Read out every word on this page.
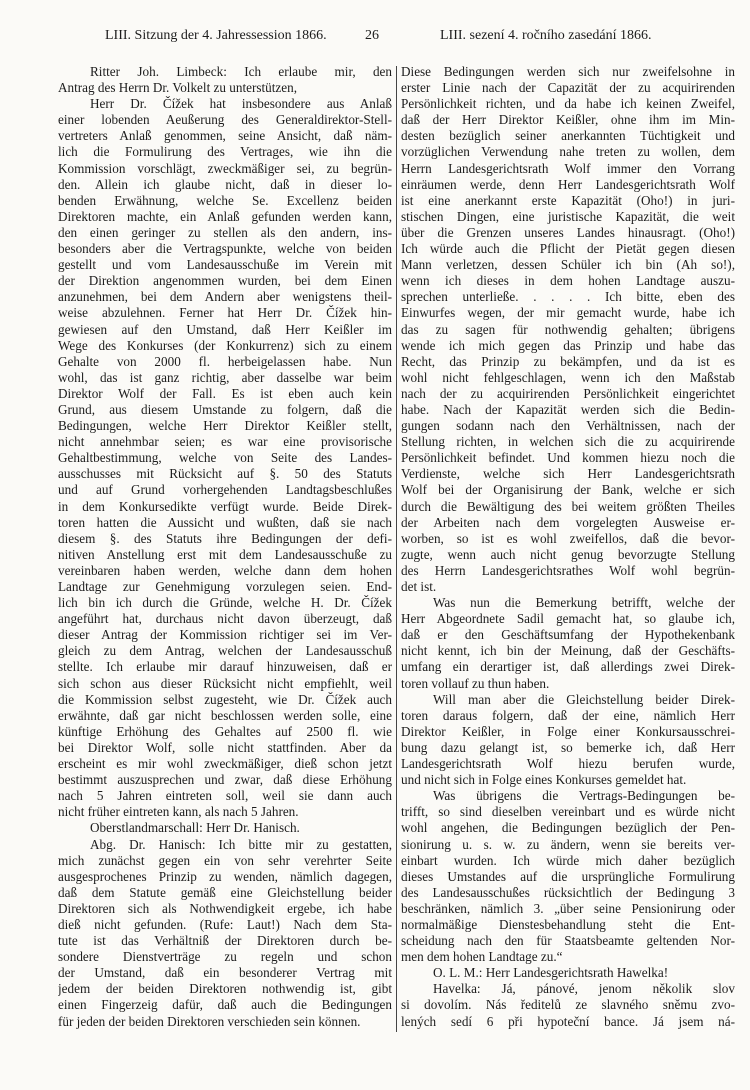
LIII. Sitzung der 4. Jahressession 1866.	26	LIII. sezení 4. ročního zasedání 1866.
Ritter Joh. Limbeck: Ich erlaube mir, den
Antrag des Herrn Dr. Volkelt zu unterstützen,
Herr Dr. Čížek hat insbesondere aus Anlaß
einer lobenden Aeußerung des Generaldirektor-Stell-
vertreters Anlaß genommen, seine Ansicht, daß näm-
lich die Formulirung des Vertrages, wie ihn die
Kommission vorschlägt, zweckmäßiger sei, zu begrün-
den. Allein ich glaube nicht, daß in dieser lo-
benden Erwähnung, welche Se. Excellenz beiden
Direktoren machte, ein Anlaß gefunden werden kann,
den einen geringer zu stellen als den andern, ins-
besonders aber die Vertragspunkte, welche von beiden
gestellt und vom Landesausschuße im Verein mit
der Direktion angenommen wurden, bei dem Einen
anzunehmen, bei dem Andern aber wenigstens theil-
weise abzulehnen. Ferner hat Herr Dr. Čížek hin-
gewiesen auf den Umstand, daß Herr Keißler im
Wege des Konkurses (der Konkurrenz) sich zu einem
Gehalte von 2000 fl. herbeigelassen habe. Nun
wohl, das ist ganz richtig, aber dasselbe war beim
Direktor Wolf der Fall. Es ist eben auch kein
Grund, aus diesem Umstande zu folgern, daß die
Bedingungen, welche Herr Direktor Keißler stellt,
nicht annehmbar seien; es war eine provisorische
Gehaltbestimmung, welche von Seite des Landes-
ausschusses mit Rücksicht auf §. 50 des Statuts
und auf Grund vorhergehenden Landtagsbeschlußes
in dem Konkursedikte verfügt wurde. Beide Direk-
toren hatten die Aussicht und wußten, daß sie nach
diesem §. des Statuts ihre Bedingungen der defi-
nitiven Anstellung erst mit dem Landesausschuße zu
vereinbaren haben werden, welche dann dem hohen
Landtage zur Genehmigung vorzulegen seien. End-
lich bin ich durch die Gründe, welche H. Dr. Čížek
angeführt hat, durchaus nicht davon überzeugt, daß
dieser Antrag der Kommission richtiger sei im Ver-
gleich zu dem Antrag, welchen der Landesausschuß
stellte. Ich erlaube mir darauf hinzuweisen, daß er
sich schon aus dieser Rücksicht nicht empfiehlt, weil
die Kommission selbst zugesteht, wie Dr. Čížek auch
erwähnte, daß gar nicht beschlossen werden solle, eine
künftige Erhöhung des Gehaltes auf 2500 fl. wie
bei Direktor Wolf, solle nicht stattfinden. Aber da
erscheint es mir wohl zweckmäßiger, dieß schon jetzt
bestimmt auszusprechen und zwar, daß diese Erhöhung
nach 5 Jahren eintreten soll, weil sie dann auch
nicht früher eintreten kann, als nach 5 Jahren.
Oberstlandmarschall: Herr Dr. Hanisch.
Abg. Dr. Hanisch: Ich bitte mir zu gestatten,
mich zunächst gegen ein von sehr verehrter Seite
ausgesprochenes Prinzip zu wenden, nämlich dagegen,
daß dem Statute gemäß eine Gleichstellung beider
Direktoren sich als Nothwendigkeit ergebe, ich habe
dieß nicht gefunden. (Rufe: Laut!) Nach dem Sta-
tute ist das Verhältniß der Direktoren durch be-
sondere Dienstverträge zu regeln und schon
der Umstand, daß ein besonderer Vertrag mit
jedem der beiden Direktoren nothwendig ist, gibt
einen Fingerzeig dafür, daß auch die Bedingungen
für jeden der beiden Direktoren verschieden sein können.
Diese Bedingungen werden sich nur zweifelsohne in
erster Linie nach der Capazität der zu acquirirenden
Persönlichkeit richten, und da habe ich keinen Zweifel,
daß der Herr Direktor Keißler, ohne ihm im Min-
desten bezüglich seiner anerkannten Tüchtigkeit und
vorzüglichen Verwendung nahe treten zu wollen, dem
Herrn Landesgerichtsrath Wolf immer den Vorrang
einräumen werde, denn Herr Landesgerichtsrath Wolf
ist eine anerkannt erste Kapazität (Oho!) in juri-
stischen Dingen, eine juristische Kapazität, die weit
über die Grenzen unseres Landes hinausragt. (Oho!)
Ich würde auch die Pflicht der Pietät gegen diesen
Mann verletzen, dessen Schüler ich bin (Ah so!),
wenn ich dieses in dem hohen Landtage auszu-
sprechen unterließe. . . . . Ich bitte, eben des
Einwurfes wegen, der mir gemacht wurde, habe ich
das zu sagen für nothwendig gehalten; übrigens
wende ich mich gegen das Prinzip und habe das
Recht, das Prinzip zu bekämpfen, und da ist es
wohl nicht fehlgeschlagen, wenn ich den Maßstab
nach der zu acquirirenden Persönlichkeit eingerichtet
habe. Nach der Kapazität werden sich die Bedin-
gungen sodann nach den Verhältnissen, nach der
Stellung richten, in welchen sich die zu acquirirende
Persönlichkeit befindet. Und kommen hiezu noch die
Verdienste, welche sich Herr Landesgerichtsrath
Wolf bei der Organisirung der Bank, welche er sich
durch die Bewältigung des bei weitem größten Theiles
der Arbeiten nach dem vorgelegten Ausweise er-
worben, so ist es wohl zweifellos, daß die bevor-
zugte, wenn auch nicht genug bevorzugte Stellung
des Herrn Landesgerichtsrathes Wolf wohl begrün-
det ist.
Was nun die Bemerkung betrifft, welche der
Herr Abgeordnete Sadil gemacht hat, so glaube ich,
daß er den Geschäftsumfang der Hypothekenbank
nicht kennt, ich bin der Meinung, daß der Geschäfts-
umfang ein derartiger ist, daß allerdings zwei Direk-
toren vollauf zu thun haben.
Will man aber die Gleichstellung beider Direk-
toren daraus folgern, daß der eine, nämlich Herr
Direktor Keißler, in Folge einer Konkursausschrei-
bung dazu gelangt ist, so bemerke ich, daß Herr
Landesgerichtsrath Wolf hiezu berufen wurde,
und nicht sich in Folge eines Konkurses gemeldet hat.
Was übrigens die Vertrags-Bedingungen be-
trifft, so sind dieselben vereinbart und es würde nicht
wohl angehen, die Bedingungen bezüglich der Pen-
sionirung u. s. w. zu ändern, wenn sie bereits ver-
einbart wurden. Ich würde mich daher bezüglich
dieses Umstandes auf die ursprüngliche Formulirung
des Landesausschußes rücksichtlich der Bedingung 3
beschränken, nämlich 3. „über seine Pensionirung oder
normalmäßige Dienstesbehandlung steht die Ent-
scheidung nach den für Staatsbeamte geltenden Nor-
men dem hohen Landtage zu.“
O. L. M.: Herr Landesgerichtsrath Hawelka!
Havelka: Já, pánové, jenom několik slov
si dovolím. Nás ředitelů ze slavného sněmu zvo-
lených sedí 6 při hypoteční bance. Já jsem ná-
